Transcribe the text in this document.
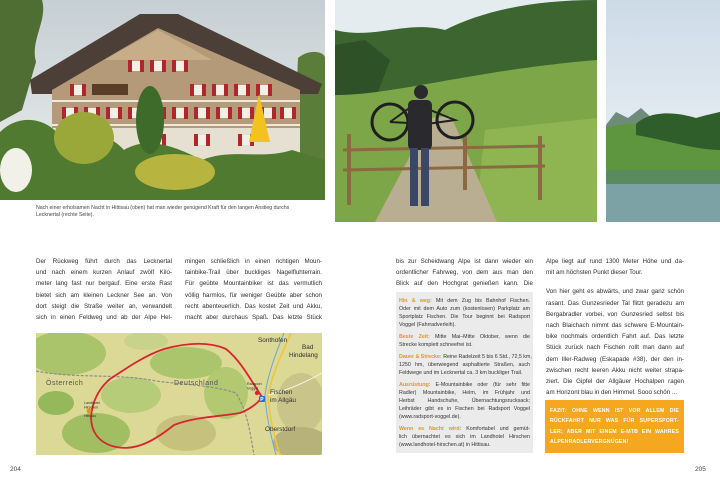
Nach einer erholsamen Nacht in Hittisau (oben) hat man wieder genügend Kraft für den langen Anstieg durchs
Lecknertal (rechte Seite).
Der Rückweg führt durch das Lecknertal
und nach einem kurzen Anlauf zwölf Kilo-
meter lang fast nur bergauf. Eine erste Rast
bietet sich am kleinen Leckner See an. Von
dort steigt die Straße weiter an, verwandelt
sich in einen Feldweg und ab der Alpe Hel-
mingen schließlich in einen richtigen Moun-
tainbike-Trail über buckliges Nagelfluhterrain.
Für geübte Mountainbiker ist das vermutlich
völlig harmlos, für weniger Geübte aber schon
recht abenteuerlich. Das kostet Zeit und Akku,
macht aber durchaus Spaß. Das letzte Stück
P
Sonthofen
Bad
Hindelang
Österreich	Deutschland	Radsport
Voggel
Fischen
im Allgäu
Oberstdorf
Landhotel
Hirschen
Hittisau
204
bis zur Scheidwang Alpe ist dann wieder ein
ordentlicher Fahrweg, von dem aus man den
Blick auf den Hochgrat genießen kann. Die
Hin & weg: Mit dem Zug bis Bahnhof Fischen.
Oder mit dem Auto zum (kostenlosen) Parkplatz am
Sportplatz Fischen. Die Tour beginnt bei Radsport
Voggel (Fahrradverleih).
Beste Zeit: Mitte Mai–Mitte Oktober, wenn die
Strecke komplett schneefrei ist.
Dauer & Strecke: Reine Radelzeit 5 bis 6 Std., 72,5 km,
1250 hm, überwiegend asphaltierte Straßen, auch
Feldwege und im Lecknertal ca. 3 km buckliger Trail.
Ausrüstung: E-Mountainbike oder (für sehr fitte
Radler) Mountainbike, Helm, im Frühjahr und
Herbst Handschuhe, Übernachtungsrucksack;
Leihräder gibt es in Fischen bei Radsport Voggel
(www.radsport-voggel.de).
Wenn es Nacht wird: Komfortabel und gemüt-
lich übernachtet es sich im Landhotel Hirschen
(www.landhotel-hirschen.at) in Hittisau.
Alpe liegt auf rund 1300 Meter Höhe und da-
mit am höchsten Punkt dieser Tour.
Von hier geht es abwärts, und zwar ganz schön
rasant. Das Gunzesrieder Tal flitzt geradezu am
Bergabradler vorbei, von Gunzesried selbst bis
nach Blaichach nimmt das schwere E-Mountain-
bike nochmals ordentlich Fahrt auf. Das letzte
Stück zurück nach Fischen rollt man dann auf
dem Iller-Radweg (Eskapade #38), der den in-
zwischen recht leeren Akku nicht weiter strapa-
ziert. Die Gipfel der Allgäuer Hochalpen ragen
am Horizont blau in den Himmel. Sooo schön ...
FAZIT: OHNE WENN IST VOR ALLEM DIE
RÜCKFAHRT NUR WAS FÜR SUPERSPORT-
LER; ABER MIT EINEM E-MTB EIN WAHRES
ALPENRADLERVERGNÜGEN!
205
